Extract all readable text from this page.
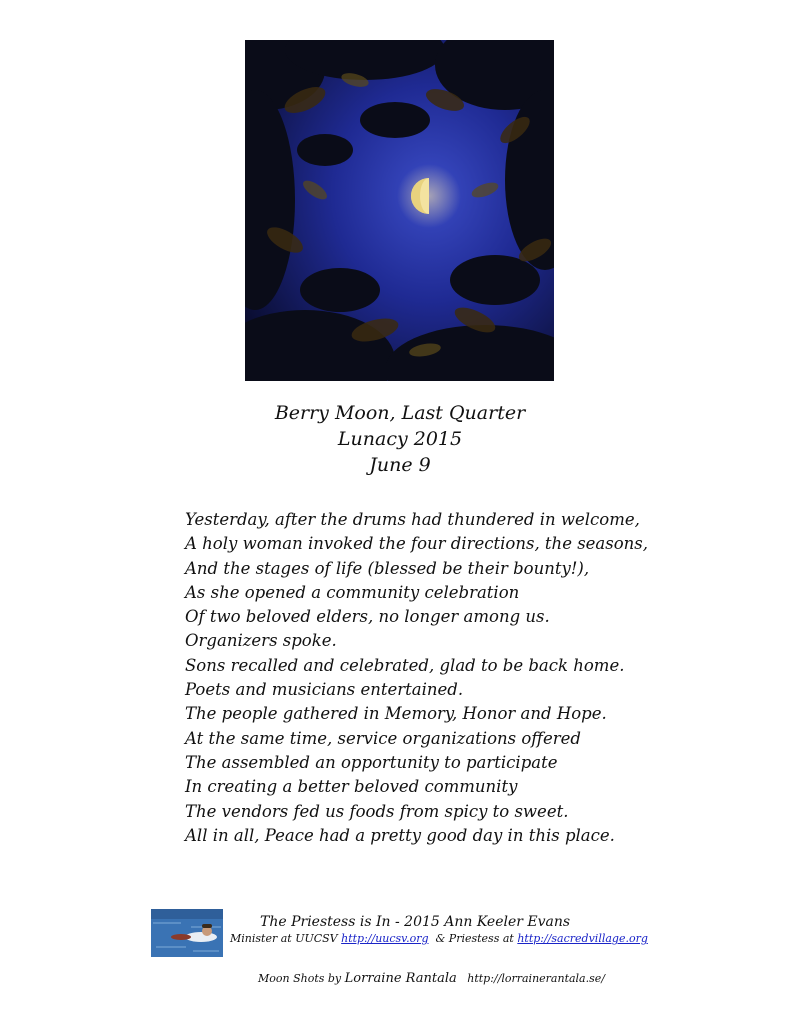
Berry Moon, Last Quarter
Lunacy 2015
June 9
Yesterday, after the drums had thundered in welcome,
A holy woman invoked the four directions, the seasons,
And the stages of life (blessed be their bounty!),
As she opened a community celebration
Of two beloved elders, no longer among us.
Organizers spoke.
Sons recalled and celebrated, glad to be back home.
Poets and musicians entertained.
The people gathered in Memory, Honor and Hope.
At the same time, service organizations offered
The assembled an opportunity to participate
In creating a better beloved community
The vendors fed us foods from spicy to sweet.
All in all, Peace had a pretty good day in this place.
The Priestess is In - 2015 Ann Keeler Evans
Minister at UUCSV http://uucsv.org  & Priestess at http://sacredvillage.org
Moon Shots by Lorraine Rantala http://lorrainerantala.se/
